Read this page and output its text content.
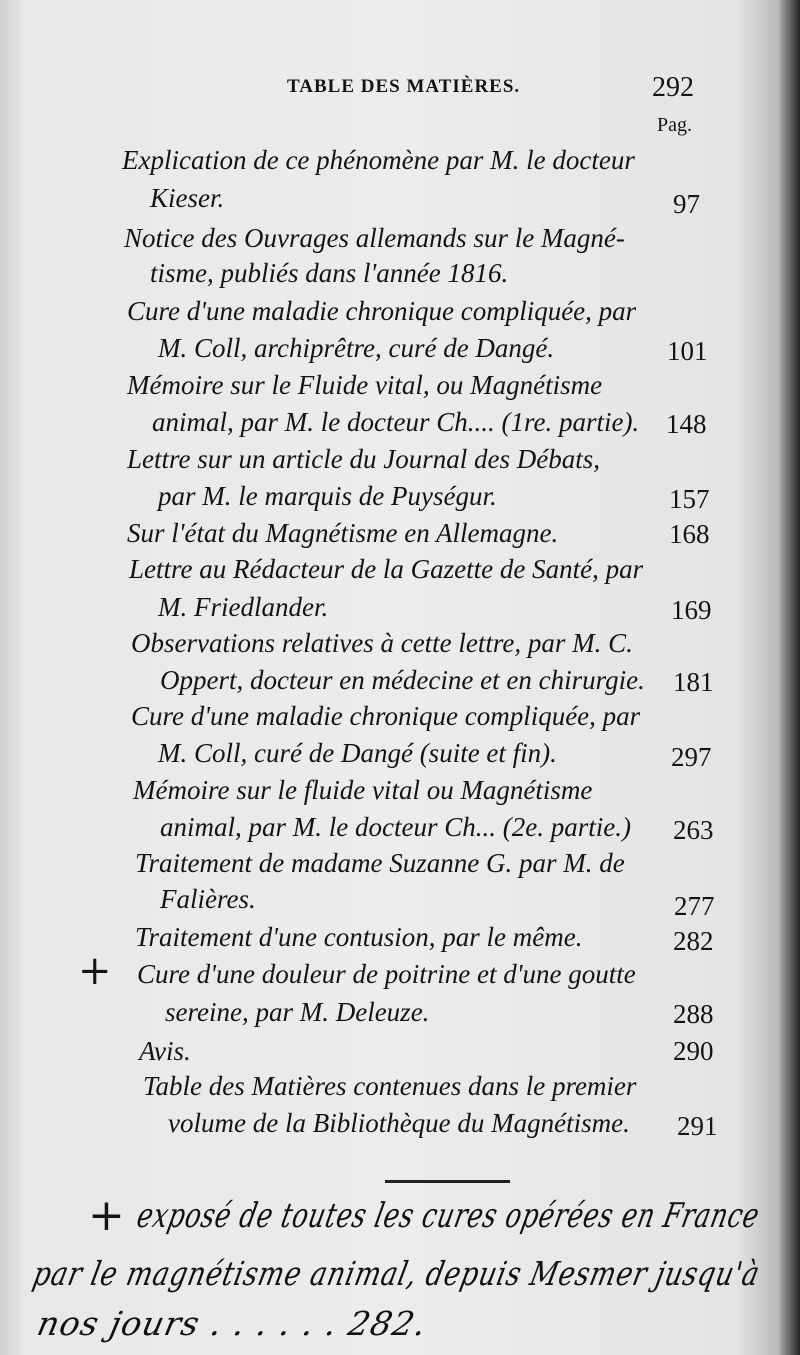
TABLE DES MATIÈRES.	292
Pag.
Explication de ce phénomène par M. le docteur
Kieser.	97
Notice des Ouvrages allemands sur le Magné-
tisme, publiés dans l'année 1816.
Cure d'une maladie chronique compliquée, par
M. Coll, archiprêtre, curé de Dangé.	101
Mémoire sur le Fluide vital, ou Magnétisme
animal, par M. le docteur Ch.... (1re. partie). 148
Lettre sur un article du Journal des Débats,
par M. le marquis de Puységur.	157
Sur l'état du Magnétisme en Allemagne.	168
Lettre au Rédacteur de la Gazette de Santé, par
M. Friedlander.	169
Observations relatives à cette lettre, par M. C.
Oppert, docteur en médecine et en chirurgie. 181
Cure d'une maladie chronique compliquée, par
M. Coll, curé de Dangé (suite et fin).	297
Mémoire sur le fluide vital ou Magnétisme
animal, par M. le docteur Ch... (2e. partie.) 263
Traitement de madame Suzanne G. par M. de
Falières.	277
Traitement d'une contusion, par le même.	282
+ Cure d'une douleur de poitrine et d'une goutte
sereine, par M. Deleuze.	288
Avis.	290
Table des Matières contenues dans le premier
volume de la Bibliothèque du Magnétisme. 291
+ exposé de toutes les cures opérées en France
par le magnétisme animal, depuis Mesmer jusqu'à
nos jours . . . . . . 282.
